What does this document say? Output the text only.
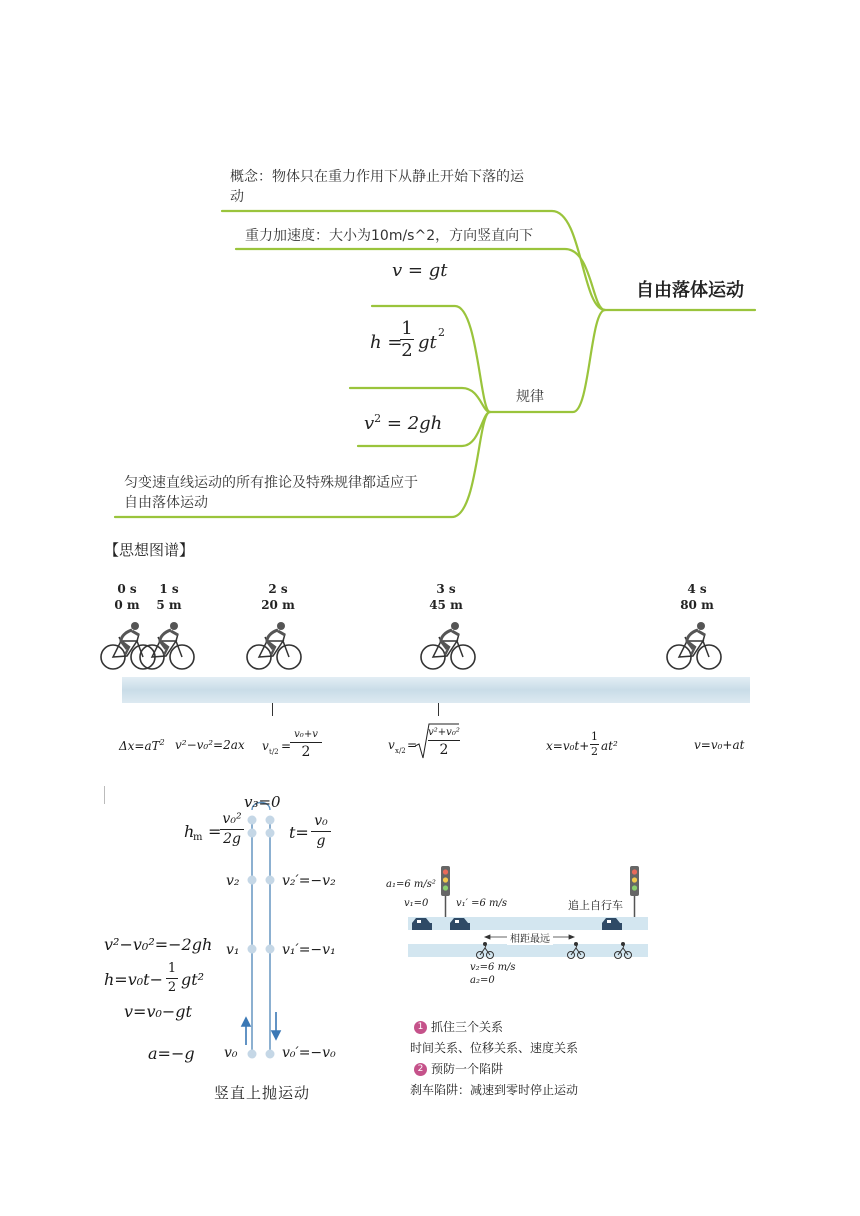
概念：物体只在重力作用下从静止开始下落的运
动
重力加速度：大小为10m/s^2，方向竖直向下
自由落体运动
规律
v = gt
h =
$\frac{1}{2}$ gt 2
$v^2 = 2gh$
匀变速直线运动的所有推论及特殊规律都适应于
自由落体运动
【思想图谱】
0 s
0 m
1 s
5 m
2 s
20 m
3 s
45 m
4 s
80 m
$\Delta x=aT^2$ v²−v₀²=2ax v t/2 =
v₀+v
2	v x/2 =
v²+v₀²
2	$x=v_0t+ \frac{1}{2} at^2$	v=v₀+at
v₃=0
h
m =
$\frac{\text{v₀²}}{2g}$	$t= \frac{\text{v₀}}{g}$
v₂	v₂′=−v₂
v₁	v₁′=−v₁
v₀	v₀′=−v₀
v²−v₀²=−2gh
$h=v_0t- \frac{1}{2} gt^2$
v=v₀−gt
a=−g
竖直上抛运动
a₁=6 m/s²
v₁=0	v₁′ =6 m/s	追上自行车
相距最远
v₂=6 m/s
a₂=0
1 抓住三个关系
时间关系、位移关系、速度关系
2 预防一个陷阱
刹车陷阱：减速到零时停止运动
